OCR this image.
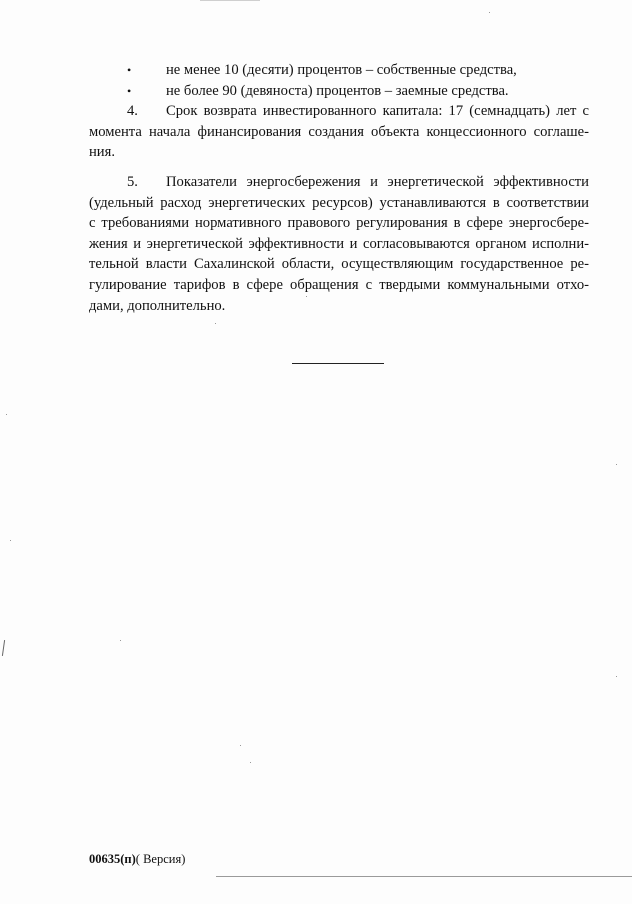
• не менее 10 (десяти) процентов – собственные средства,
• не более 90 (девяноста) процентов – заемные средства.
4. Срок возврата инвестированного капитала: 17 (семнадцать) лет с
момента начала финансирования создания объекта концессионного соглаше-
ния.
5. Показатели энергосбережения и энергетической эффективности
(удельный расход энергетических ресурсов) устанавливаются в соответствии
с требованиями нормативного правового регулирования в сфере энергосбере-
жения и энергетической эффективности и согласовываются органом исполни-
тельной власти Сахалинской области, осуществляющим государственное ре-
гулирование тарифов в сфере обращения с твердыми коммунальными отхо-
дами, дополнительно.
00635(п)( Версия)
